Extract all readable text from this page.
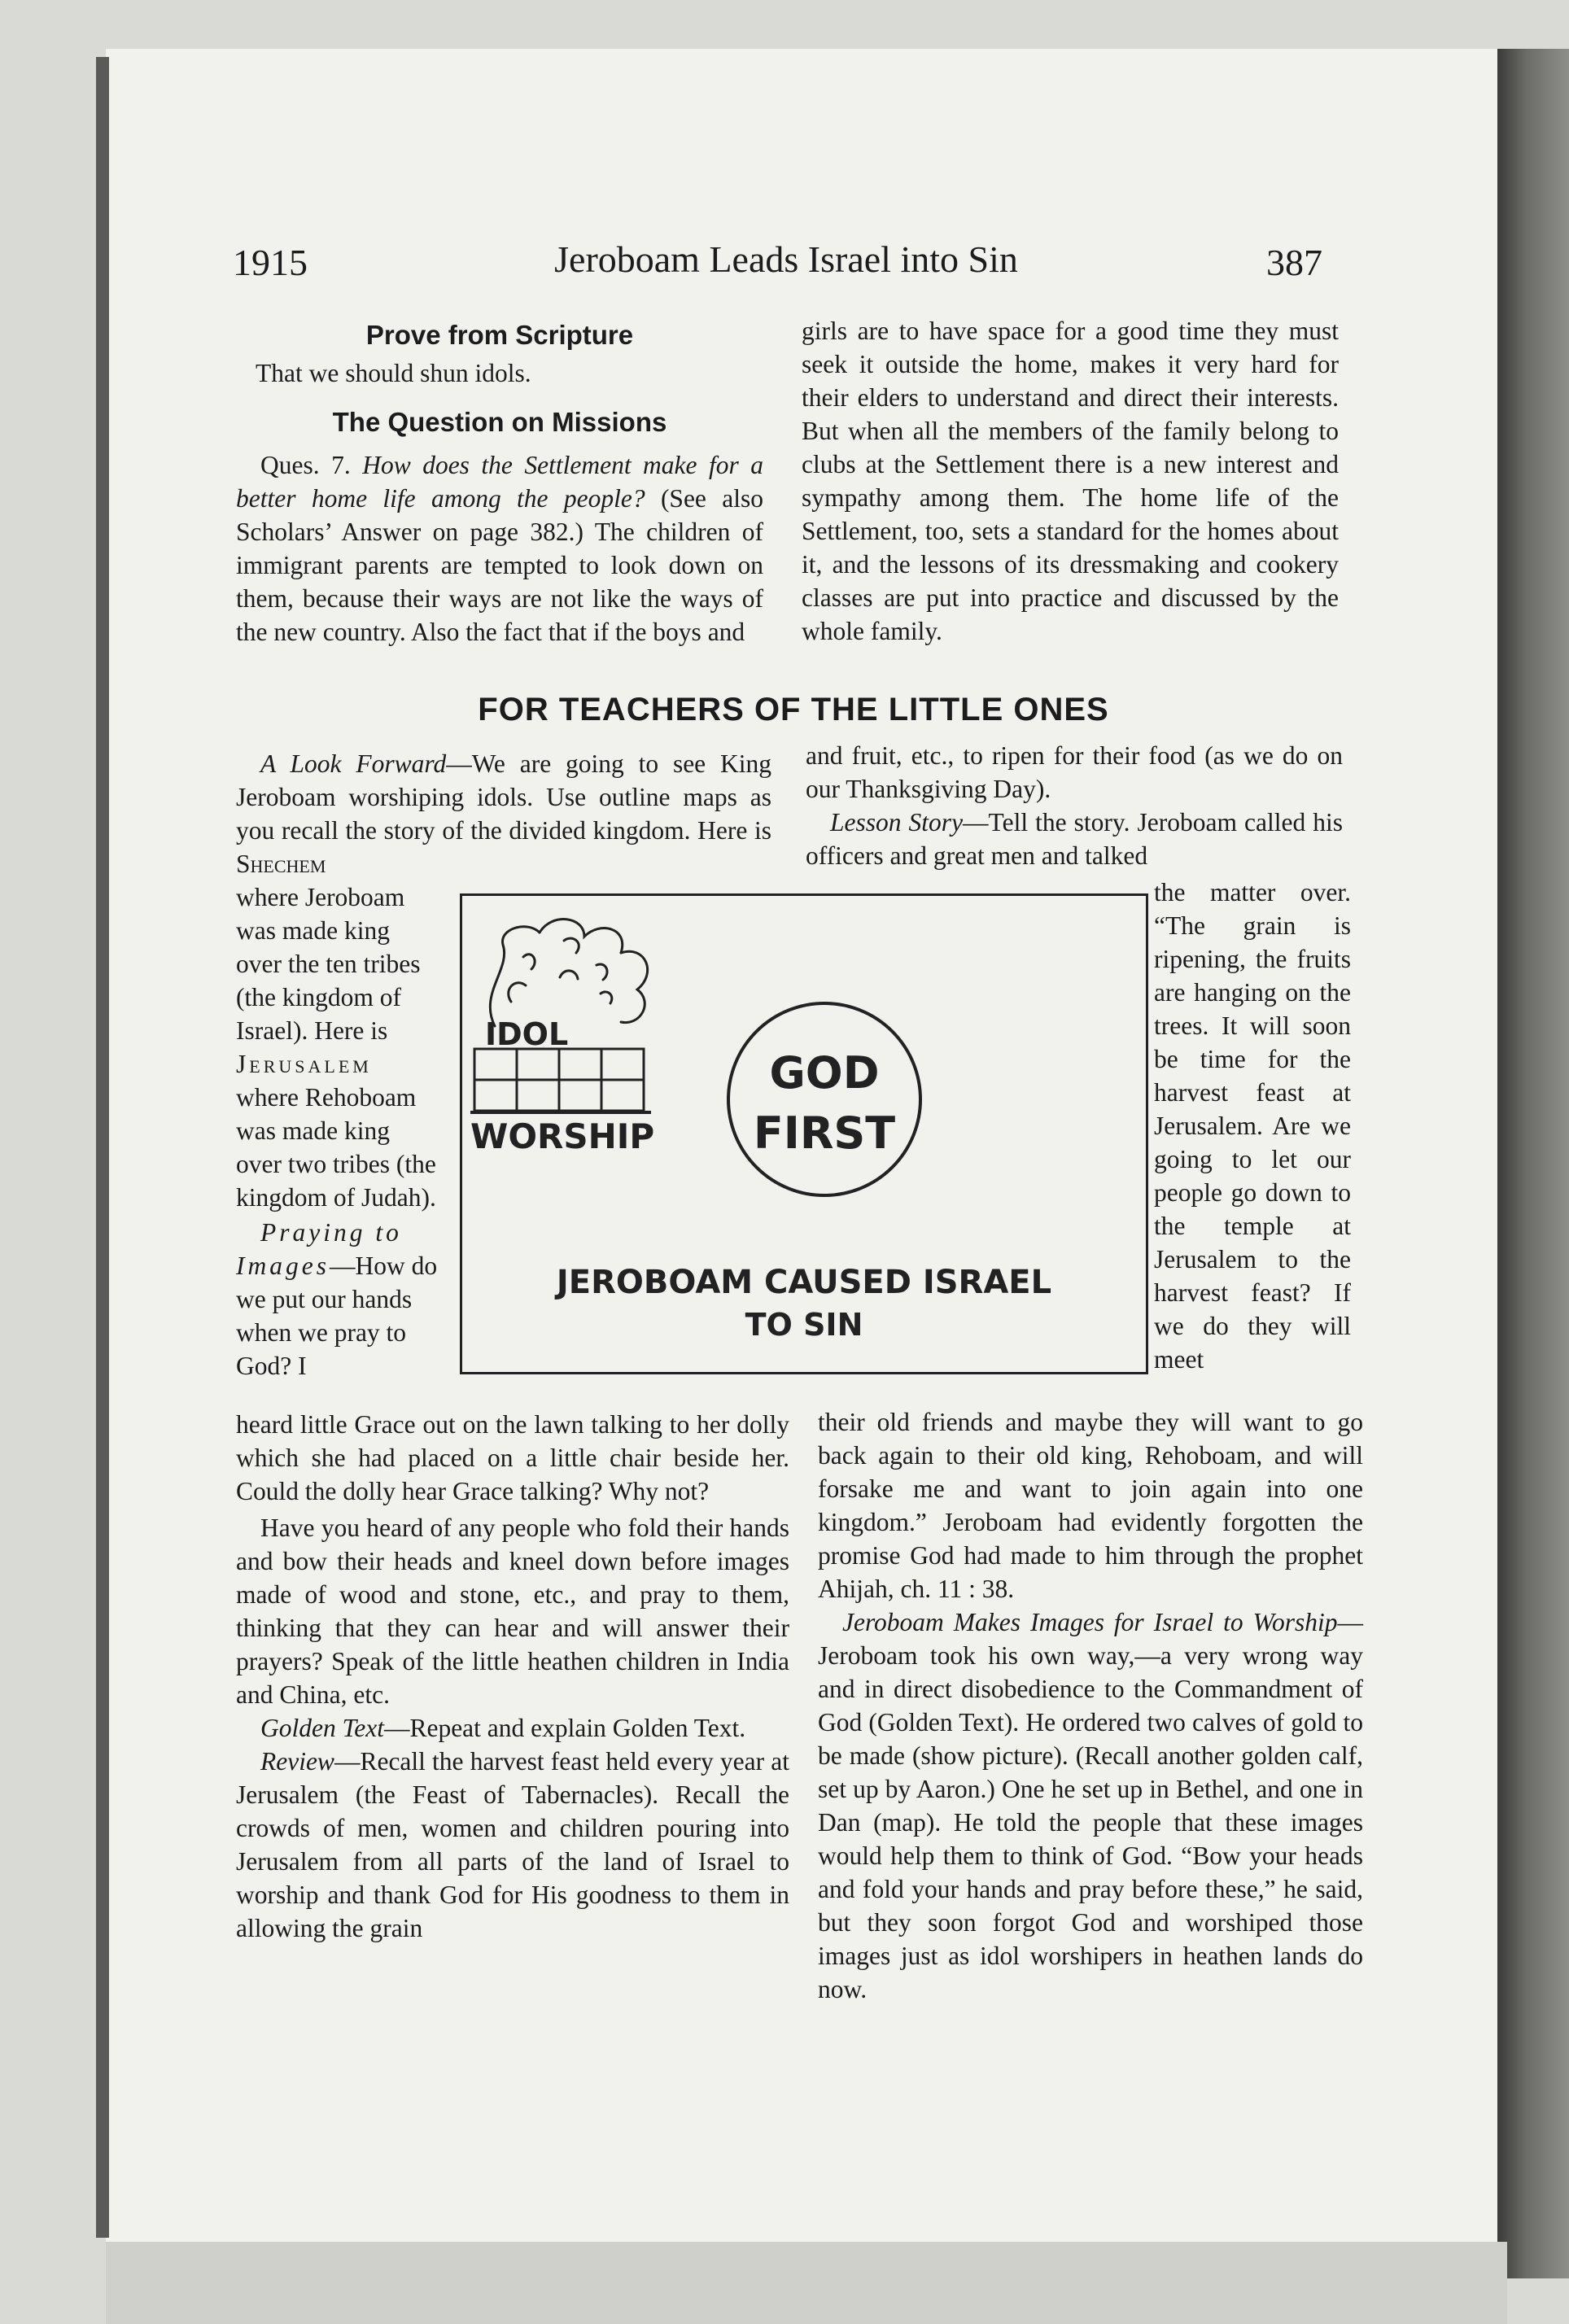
1915	Jeroboam Leads Israel into Sin	387

Prove from Scripture

That we should shun idols.

The Question on Missions

Ques. 7. How does the Settlement make for a better home life among the people? (See also Scholars’ Answer on page 382.) The children of immigrant parents are tempted to look down on them, because their ways are not like the ways of the new country. Also the fact that if the boys and

girls are to have space for a good time they must seek it outside the home, makes it very hard for their elders to understand and direct their interests. But when all the members of the family belong to clubs at the Settlement there is a new interest and sympathy among them. The home life of the Settlement, too, sets a standard for the homes about it, and the lessons of its dressmaking and cookery classes are put into practice and discussed by the whole family.

FOR TEACHERS OF THE LITTLE ONES

A Look Forward—We are going to see King Jeroboam worshiping idols. Use outline maps as you recall the story of the divided kingdom. Here is Shechem

where Jeroboam was made king over the ten tribes (the kingdom of Israel). Here is Jerusalem where Rehoboam was made king over two tribes (the kingdom of Judah).

Praying to Images—How do we put our hands when we pray to God? I

heard little Grace out on the lawn talking to her dolly which she had placed on a little chair beside her. Could the dolly hear Grace talking? Why not?

Have you heard of any people who fold their hands and bow their heads and kneel down before images made of wood and stone, etc., and pray to them, thinking that they can hear and will answer their prayers? Speak of the little heathen children in India and China, etc.

Golden Text—Repeat and explain Golden Text.

Review—Recall the harvest feast held every year at Jerusalem (the Feast of Tabernacles). Recall the crowds of men, women and children pouring into Jerusalem from all parts of the land of Israel to worship and thank God for His goodness to them in allowing the grain

and fruit, etc., to ripen for their food (as we do on our Thanksgiving Day).

Lesson Story—Tell the story. Jeroboam called his officers and great men and talked

the matter over. “The grain is ripening, the fruits are hanging on the trees. It will soon be time for the harvest feast at Jerusalem. Are we going to let our people go down to the temple at Jerusalem to the harvest feast? If we do they will meet

their old friends and maybe they will want to go back again to their old king, Rehoboam, and will forsake me and want to join again into one kingdom.” Jeroboam had evidently forgotten the promise God had made to him through the prophet Ahijah, ch. 11 : 38.

Jeroboam Makes Images for Israel to Worship—Jeroboam took his own way,—a very wrong way and in direct disobedience to the Commandment of God (Golden Text). He ordered two calves of gold to be made (show picture). (Recall another golden calf, set up by Aaron.) One he set up in Bethel, and one in Dan (map). He told the people that these images would help them to think of God. “Bow your heads and fold your hands and pray before these,” he said, but they soon forgot God and worshiped those images just as idol worshipers in heathen lands do now.

IDOL
WORSHIP
GOD
FIRST
JEROBOAM CAUSED ISRAEL
TO SIN
